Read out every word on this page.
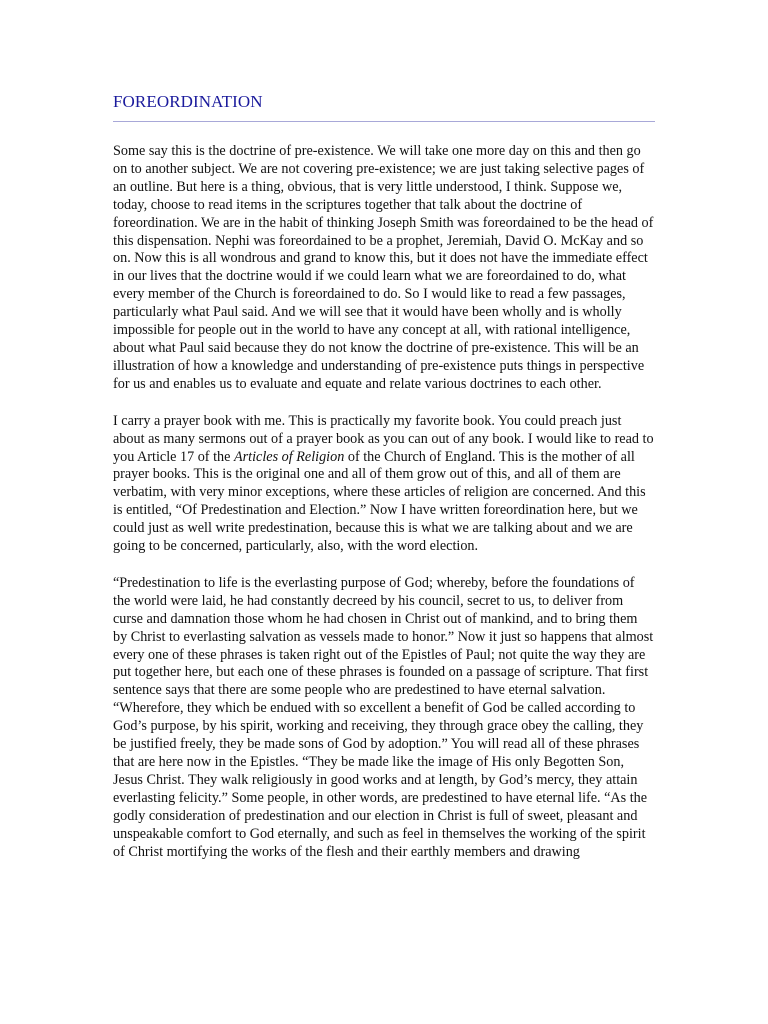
FOREORDINATION

Some say this is the doctrine of pre-existence. We will take one more day on this and then go on to another subject. We are not covering pre-existence; we are just taking selective pages of an outline. But here is a thing, obvious, that is very little understood, I think. Suppose we, today, choose to read items in the scriptures together that talk about the doctrine of foreordination. We are in the habit of thinking Joseph Smith was foreordained to be the head of this dispensation. Nephi was foreordained to be a prophet, Jeremiah, David O. McKay and so on. Now this is all wondrous and grand to know this, but it does not have the immediate effect in our lives that the doctrine would if we could learn what we are foreordained to do, what every member of the Church is foreordained to do. So I would like to read a few passages, particularly what Paul said. And we will see that it would have been wholly and is wholly impossible for people out in the world to have any concept at all, with rational intelligence, about what Paul said because they do not know the doctrine of pre-existence. This will be an illustration of how a knowledge and understanding of pre-existence puts things in perspective for us and enables us to evaluate and equate and relate various doctrines to each other.

I carry a prayer book with me. This is practically my favorite book. You could preach just about as many sermons out of a prayer book as you can out of any book. I would like to read to you Article 17 of the Articles of Religion of the Church of England. This is the mother of all prayer books. This is the original one and all of them grow out of this, and all of them are verbatim, with very minor exceptions, where these articles of religion are concerned. And this is entitled, “Of Predestination and Election.” Now I have written foreordination here, but we could just as well write predestination, because this is what we are talking about and we are going to be concerned, particularly, also, with the word election.

“Predestination to life is the everlasting purpose of God; whereby, before the foundations of the world were laid, he had constantly decreed by his council, secret to us, to deliver from curse and damnation those whom he had chosen in Christ out of mankind, and to bring them by Christ to everlasting salvation as vessels made to honor.” Now it just so happens that almost every one of these phrases is taken right out of the Epistles of Paul; not quite the way they are put together here, but each one of these phrases is founded on a passage of scripture. That first sentence says that there are some people who are predestined to have eternal salvation. “Wherefore, they which be endued with so excellent a benefit of God be called according to God’s purpose, by his spirit, working and receiving, they through grace obey the calling, they be justified freely, they be made sons of God by adoption.” You will read all of these phrases that are here now in the Epistles. “They be made like the image of His only Begotten Son, Jesus Christ. They walk religiously in good works and at length, by God’s mercy, they attain everlasting felicity.” Some people, in other words, are predestined to have eternal life. “As the godly consideration of predestination and our election in Christ is full of sweet, pleasant and unspeakable comfort to God eternally, and such as feel in themselves the working of the spirit of Christ mortifying the works of the flesh and their earthly members and drawing
